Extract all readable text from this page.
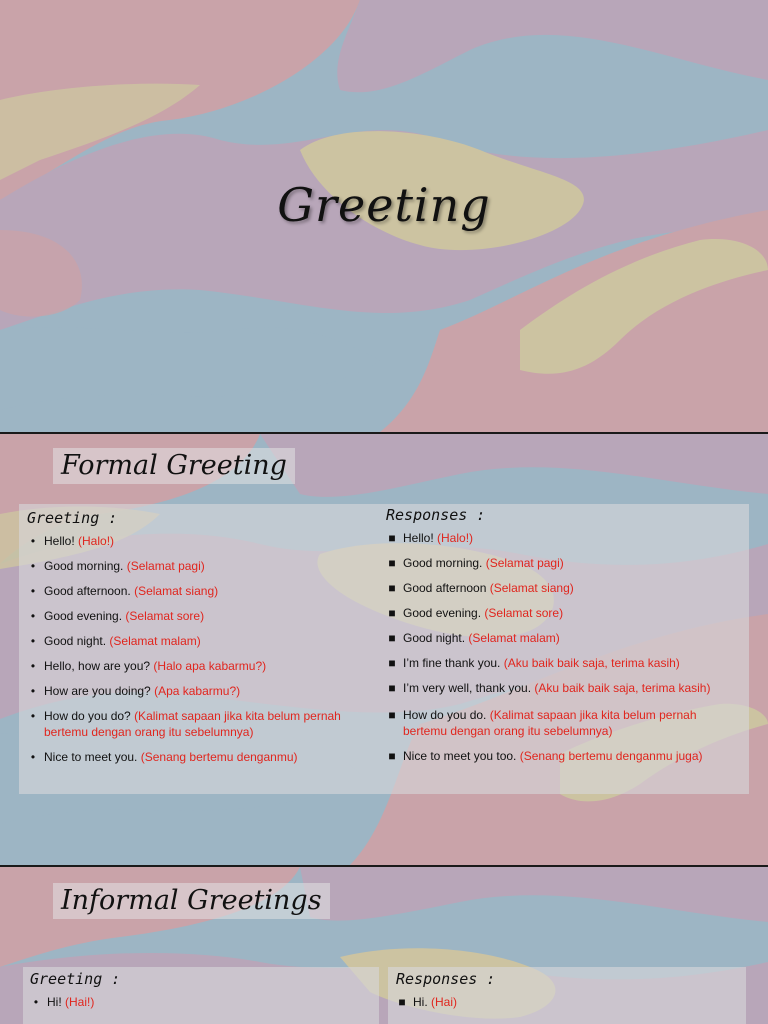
Greeting
Formal Greeting
Greeting :
• Hello! (Halo!)
• Good morning. (Selamat pagi)
• Good afternoon. (Selamat siang)
• Good evening. (Selamat sore)
• Good night. (Selamat malam)
• Hello, how are you? (Halo apa kabarmu?)
• How are you doing? (Apa kabarmu?)
• How do you do? (Kalimat sapaan jika kita belum pernah bertemu dengan orang itu sebelumnya)
• Nice to meet you. (Senang bertemu denganmu)
Responses :
■ Hello! (Halo!)
■ Good morning. (Selamat pagi)
■ Good afternoon (Selamat siang)
■ Good evening. (Selamat sore)
■ Good night. (Selamat malam)
■ I’m fine thank you. (Aku baik baik saja, terima kasih)
■ I’m very well, thank you. (Aku baik baik saja, terima kasih)
■ How do you do. (Kalimat sapaan jika kita belum pernah bertemu dengan orang itu sebelumnya)
■ Nice to meet you too. (Senang bertemu denganmu juga)
Informal Greetings
Greeting :
• Hi! (Hai!)
Responses :
■ Hi. (Hai)
